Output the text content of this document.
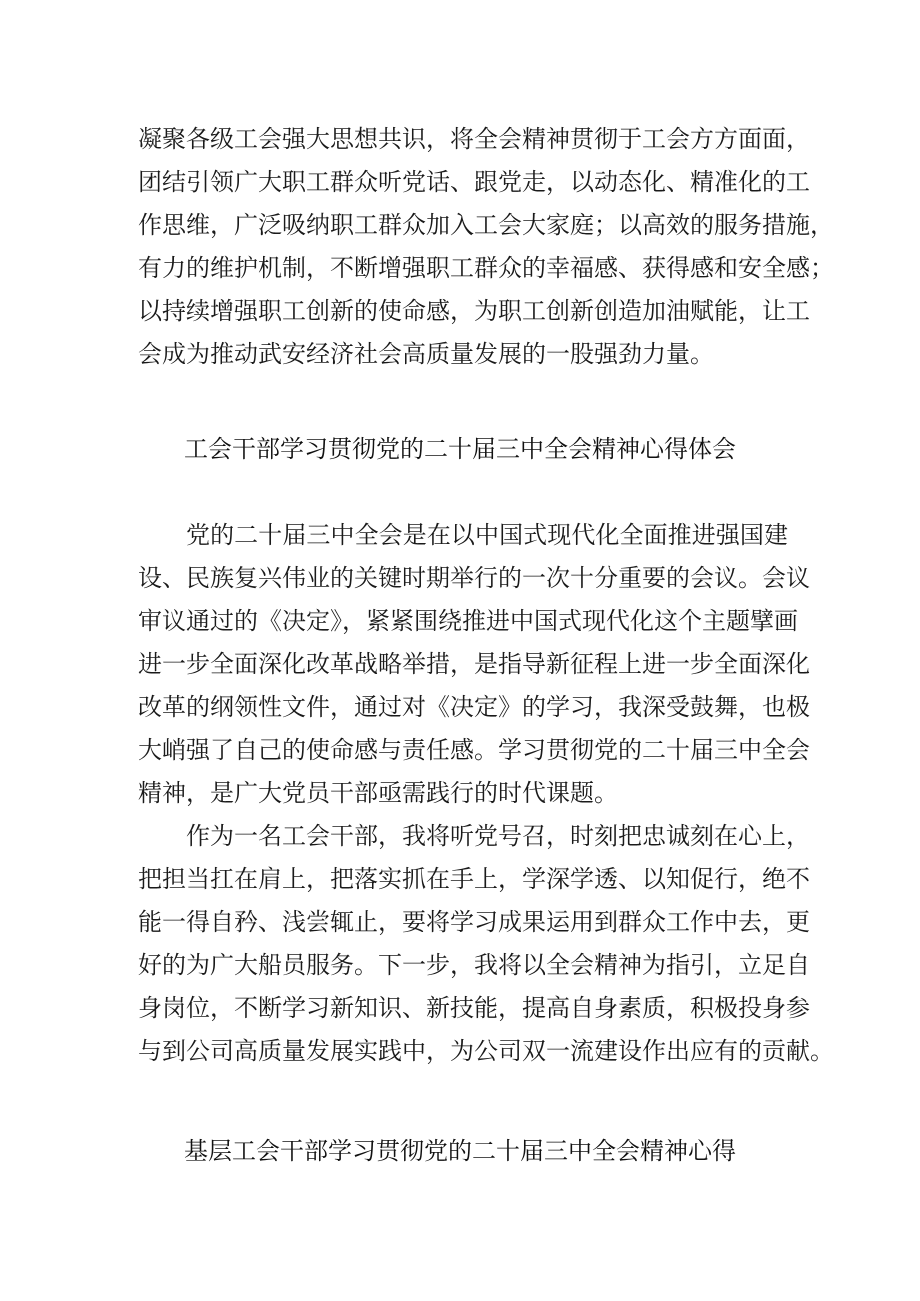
凝聚各级工会强大思想共识，将全会精神贯彻于工会方方面面，
团结引领广大职工群众听党话、跟党走，以动态化、精准化的工
作思维，广泛吸纳职工群众加入工会大家庭；以高效的服务措施，
有力的维护机制，不断增强职工群众的幸福感、获得感和安全感；
以持续增强职工创新的使命感，为职工创新创造加油赋能，让工
会成为推动武安经济社会高质量发展的一股强劲力量。
工会干部学习贯彻党的二十届三中全会精神心得体会
党的二十届三中全会是在以中国式现代化全面推进强国建
设、民族复兴伟业的关键时期举行的一次十分重要的会议。会议
审议通过的《决定》，紧紧围绕推进中国式现代化这个主题擘画
进一步全面深化改革战略举措，是指导新征程上进一步全面深化
改革的纲领性文件，通过对《决定》的学习，我深受鼓舞，也极
大峭强了自己的使命感与责任感。学习贯彻党的二十届三中全会
精神，是广大党员干部亟需践行的时代课题。
作为一名工会干部，我将听党号召，时刻把忠诚刻在心上，
把担当扛在肩上，把落实抓在手上，学深学透、以知促行，绝不
能一得自矜、浅尝辄止，要将学习成果运用到群众工作中去，更
好的为广大船员服务。下一步，我将以全会精神为指引，立足自
身岗位，不断学习新知识、新技能，提高自身素质，积极投身参
与到公司高质量发展实践中，为公司双一流建设作出应有的贡献。
基层工会干部学习贯彻党的二十届三中全会精神心得
